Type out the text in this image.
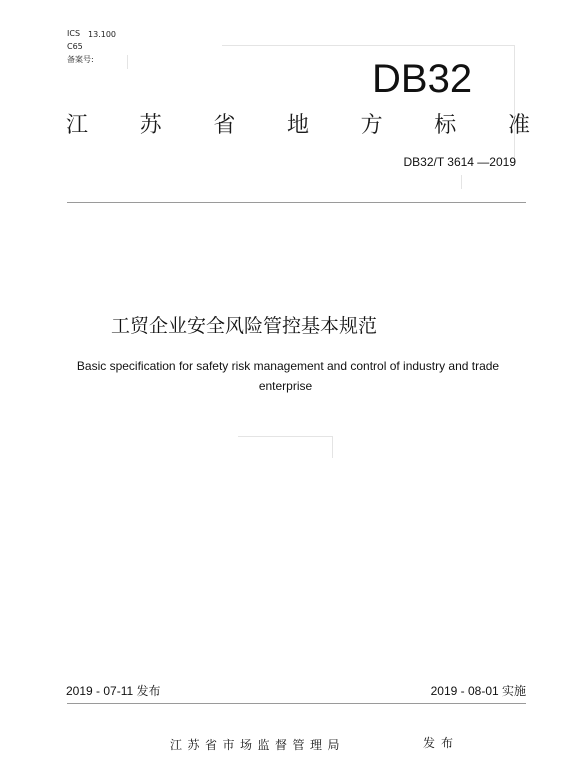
ICS 13.100
C65
备案号:	DB32
江 苏 省 地 方 标 准
DB32/T 3614 —2019
工贸企业安全风险管控基本规范
Basic specification for safety risk management and control of industry and trade
enterprise
2019 - 07-11 发布	2019 - 08-01 实施
江苏省市场监督管理局	发布
